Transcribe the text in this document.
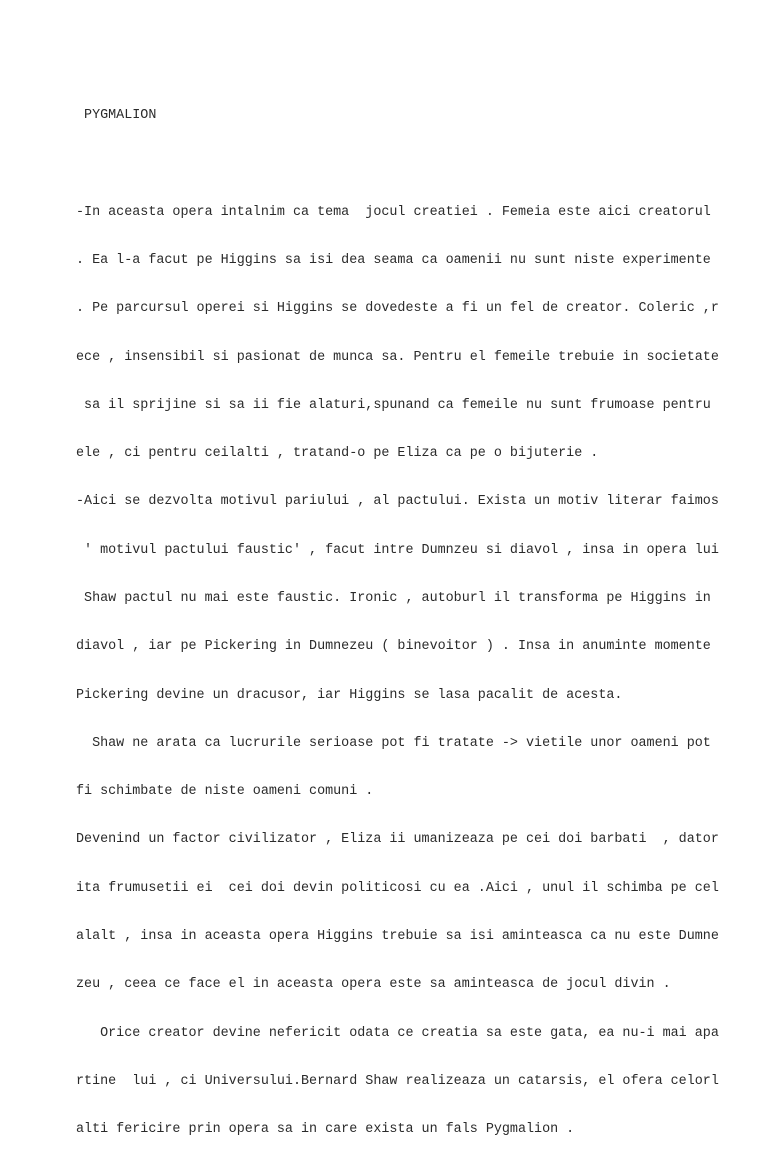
PYGMALION

-In aceasta opera intalnim ca tema  jocul creatiei . Femeia este aici creatorul

. Ea l-a facut pe Higgins sa isi dea seama ca oamenii nu sunt niste experimente

. Pe parcursul operei si Higgins se dovedeste a fi un fel de creator. Coleric ,r

ece , insensibil si pasionat de munca sa. Pentru el femeile trebuie in societate

sa il sprijine si sa ii fie alaturi,spunand ca femeile nu sunt frumoase pentru

ele , ci pentru ceilalti , tratand-o pe Eliza ca pe o bijuterie .

-Aici se dezvolta motivul pariului , al pactului. Exista un motiv literar faimos

' motivul pactului faustic' , facut intre Dumnzeu si diavol , insa in opera lui

Shaw pactul nu mai este faustic. Ironic , autoburl il transforma pe Higgins in

diavol , iar pe Pickering in Dumnezeu ( binevoitor ) . Insa in anuminte momente

Pickering devine un dracusor, iar Higgins se lasa pacalit de acesta.

Shaw ne arata ca lucrurile serioase pot fi tratate -> vietile unor oameni pot

fi schimbate de niste oameni comuni .

Devenind un factor civilizator , Eliza ii umanizeaza pe cei doi barbati  , dator

ita frumusetii ei  cei doi devin politicosi cu ea .Aici , unul il schimba pe cel

alalt , insa in aceasta opera Higgins trebuie sa isi aminteasca ca nu este Dumne

zeu , ceea ce face el in aceasta opera este sa aminteasca de jocul divin .

Orice creator devine nefericit odata ce creatia sa este gata, ea nu-i mai apa

rtine  lui , ci Universului.Bernard Shaw realizeaza un catarsis, el ofera celorl

alti fericire prin opera sa in care exista un fals Pygmalion .
